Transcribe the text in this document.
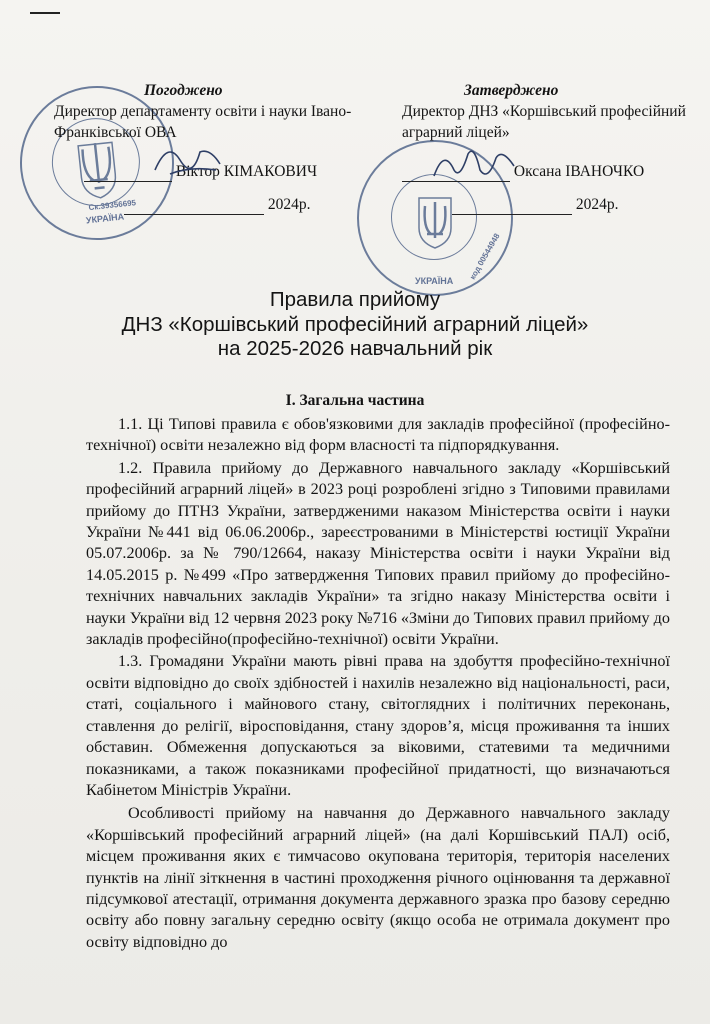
УКРАЇНА
Ск.39356695
код 00544948
УКРАЇНА
Погоджено
Директор департаменту освіти і науки Івано-Франківської ОВА
Віктор КІМАКОВИЧ
2024р.
Затверджено
Директор ДНЗ «Коршівський професійний аграрний ліцей»
Оксана ІВАНОЧКО
2024р.
Правила прийому
ДНЗ «Коршівський професійний аграрний ліцей»
на 2025-2026 навчальний рік
І. Загальна частина

1.1. Ці Типові правила є обов'язковими для закладів професійної (професійно-технічної) освіти незалежно від форм власності та підпорядкування.

1.2. Правила прийому до Державного навчального закладу «Коршівський професійний аграрний ліцей» в 2023 році розроблені згідно з Типовими правилами прийому до ПТНЗ України, затвердженими наказом Міністерства освіти і науки України №441 від 06.06.2006р., зареєстрованими в Міністерстві юстиції України 05.07.2006р. за № 790/12664, наказу Міністерства освіти і науки України від 14.05.2015 р. №499 «Про затвердження Типових правил прийому до професійно-технічних навчальних закладів України» та згідно наказу Міністерства освіти і науки України від 12 червня 2023 року №716 «Зміни до Типових правил прийому до закладів професійно(професійно-технічної) освіти України.

1.3. Громадяни України мають рівні права на здобуття професійно-технічної освіти відповідно до своїх здібностей і нахилів незалежно від національності, раси, статі, соціального і майнового стану, світоглядних і політичних переконань, ставлення до релігії, віросповідання, стану здоров’я, місця проживання та інших обставин. Обмеження допускаються за віковими, статевими та медичними показниками, а також показниками професійної придатності, що визначаються Кабінетом Міністрів України.

Особливості прийому на навчання до Державного навчального закладу «Коршівський професійний аграрний ліцей» (на далі Коршівський ПАЛ) осіб, місцем проживання яких є тимчасово окупована територія, територія населених пунктів на лінії зіткнення в частині проходження річного оцінювання та державної підсумкової атестації, отримання документа державного зразка про базову середню освіту або повну загальну середню освіту (якщо особа не отримала документ про освіту відповідно до
